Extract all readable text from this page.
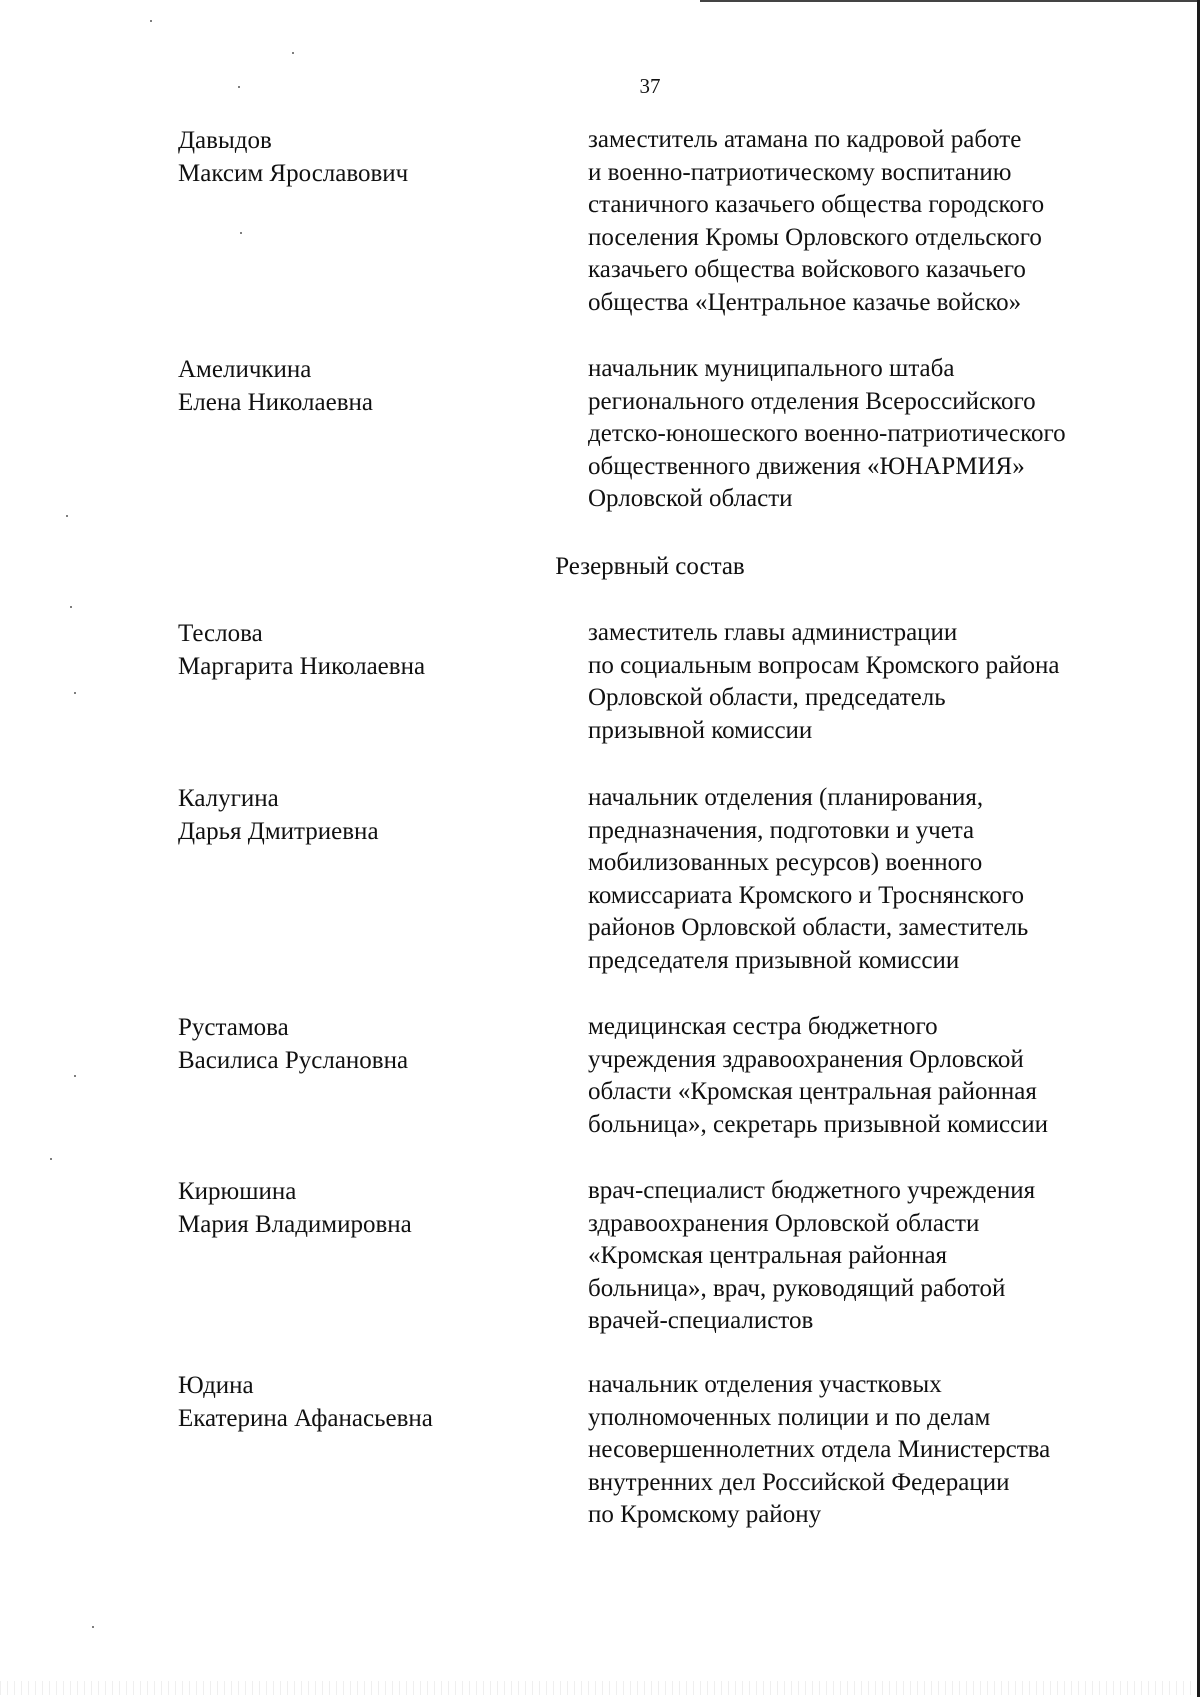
37
Давыдов
Максим Ярославович
заместитель атамана по кадровой работе
и военно-патриотическому воспитанию
станичного казачьего общества городского
поселения Кромы Орловского отдельского
казачьего общества войскового казачьего
общества «Центральное казачье войско»
Амеличкина
Елена Николаевна
начальник муниципального штаба
регионального отделения Всероссийского
детско-юношеского военно-патриотического
общественного движения «ЮНАРМИЯ»
Орловской области
Резервный состав
Теслова
Маргарита Николаевна
заместитель главы администрации
по социальным вопросам Кромского района
Орловской области, председатель
призывной комиссии
Калугина
Дарья Дмитриевна
начальник отделения (планирования,
предназначения, подготовки и учета
мобилизованных ресурсов) военного
комиссариата Кромского и Троснянского
районов Орловской области, заместитель
председателя призывной комиссии
Рустамова
Василиса Руслановна
медицинская сестра бюджетного
учреждения здравоохранения Орловской
области «Кромская центральная районная
больница», секретарь призывной комиссии
Кирюшина
Мария Владимировна
врач-специалист бюджетного учреждения
здравоохранения Орловской области
«Кромская центральная районная
больница», врач, руководящий работой
врачей-специалистов
Юдина
Екатерина Афанасьевна
начальник отделения участковых
уполномоченных полиции и по делам
несовершеннолетних отдела Министерства
внутренних дел Российской Федерации
по Кромскому району
